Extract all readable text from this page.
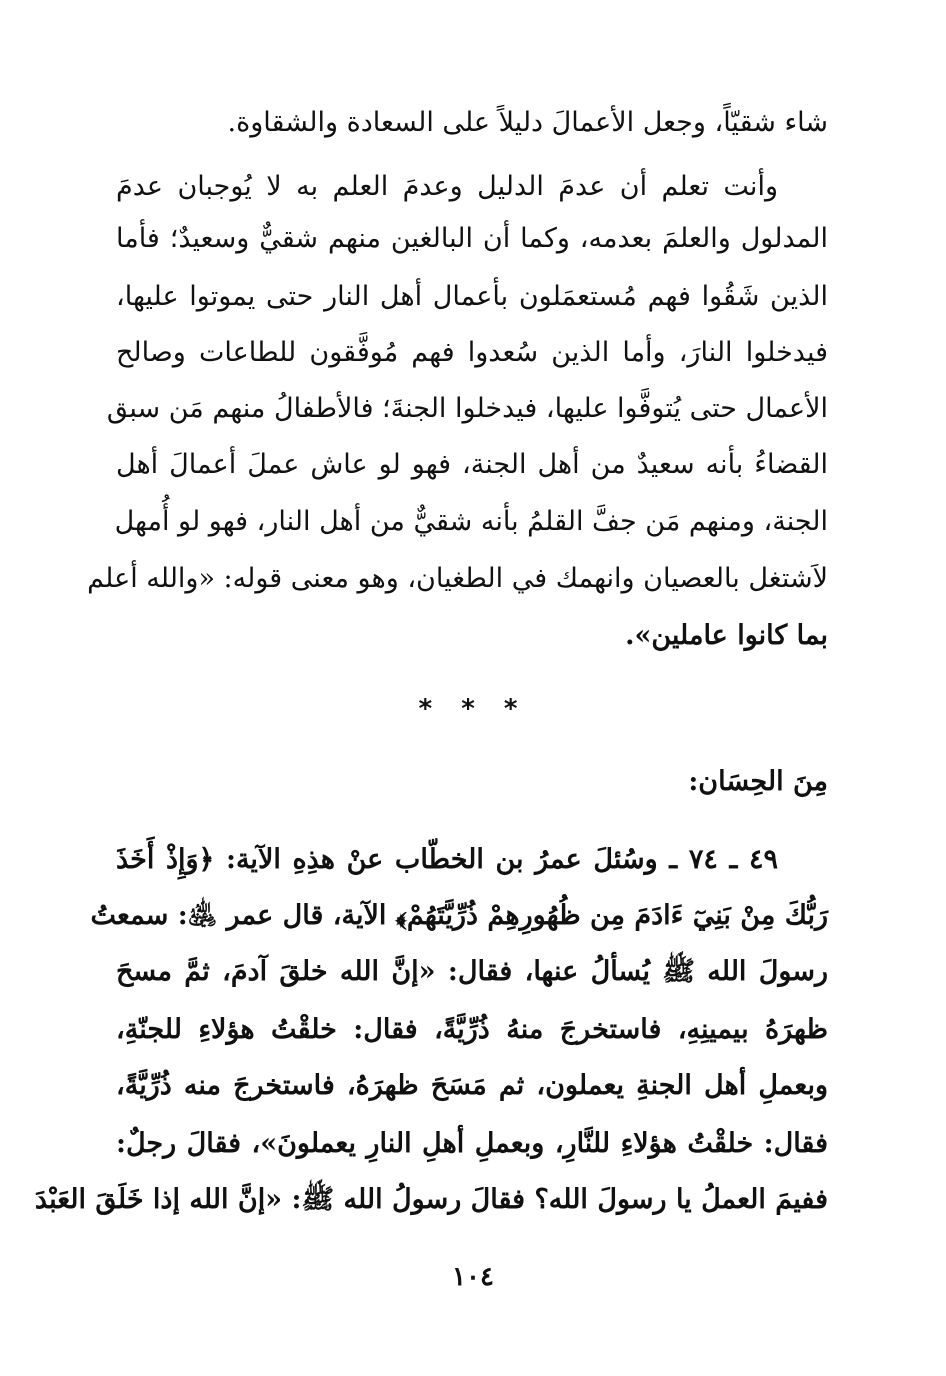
شاء شقيّاً، وجعل الأعمالَ دليلاً على السعادة والشقاوة.
وأنت تعلم أن عدمَ الدليل وعدمَ العلم به لا يُوجبان عدمَ
المدلول والعلمَ بعدمه، وكما أن البالغين منهم شقيٌّ وسعيدٌ؛ فأما
الذين شَقُوا فهم مُستعمَلون بأعمال أهل النار حتى يموتوا عليها،
فيدخلوا النارَ، وأما الذين سُعدوا فهم مُوفَّقون للطاعات وصالح
الأعمال حتى يُتوفَّوا عليها، فيدخلوا الجنةَ؛ فالأطفالُ منهم مَن سبق
القضاءُ بأنه سعيدٌ من أهل الجنة، فهو لو عاش عملَ أعمالَ أهل
الجنة، ومنهم مَن جفَّ القلمُ بأنه شقيٌّ من أهل النار، فهو لو أُمهل
لاَشتغل بالعصيان وانهمك في الطغيان، وهو معنى قوله: «والله أعلم
بما كانوا عاملين».
* * *
مِنَ الحِسَان:
٤٩ ـ ٧٤ ـ وسُئلَ عمرُ بن الخطّاب عنْ هذِهِ الآية: ﴿وَإِذْ أَخَذَ
رَبُّكَ مِنْ بَنِيٓ ءَادَمَ مِن ظُهُورِهِمْ ذُرِّيَّتَهُمْ﴾ الآية، قال عمر ﵁: سمعتُ
رسولَ الله ﷺ يُسألُ عنها، فقال: «إنَّ الله خلقَ آدمَ، ثمَّ مسحَ
ظهرَهُ بيمينِهِ، فاستخرجَ منهُ ذُرِّيَّةً، فقال: خلقْتُ هؤلاءِ للجنّةِ،
وبعملِ أهل الجنةِ يعملون، ثم مَسَحَ ظهرَهُ، فاستخرجَ منه ذُرِّيَّةً،
فقال: خلقْتُ هؤلاءِ للنَّارِ، وبعملِ أهلِ النارِ يعملونَ»، فقالَ رجلٌ:
ففيمَ العملُ يا رسولَ الله؟ فقالَ رسولُ الله ﷺ: «إنَّ الله إذا خَلَقَ العَبْدَ
١٠٤
